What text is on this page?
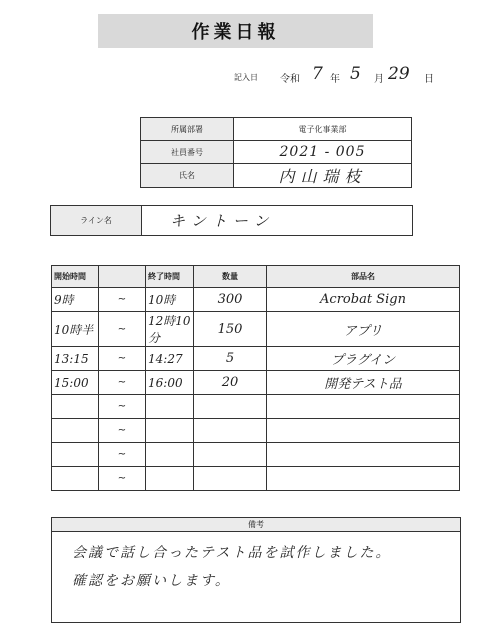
作業日報
記入日 令和 7 年 5 月 29 日
所属部署	電子化事業部
社員番号	2021 - 005
氏名	内山瑞枝
ライン名	キントーン
開始時間		終了時間	数量	部品名
9時	~	10時	300	Acrobat Sign
10時半	~	12時10分	150	アプリ
13:15	~	14:27	5	プラグイン
15:00	~	16:00	20	開発テスト品
	~			
	~			
	~			
	~			
備考
会議で話し合ったテスト品を試作しました。
確認をお願いします。
